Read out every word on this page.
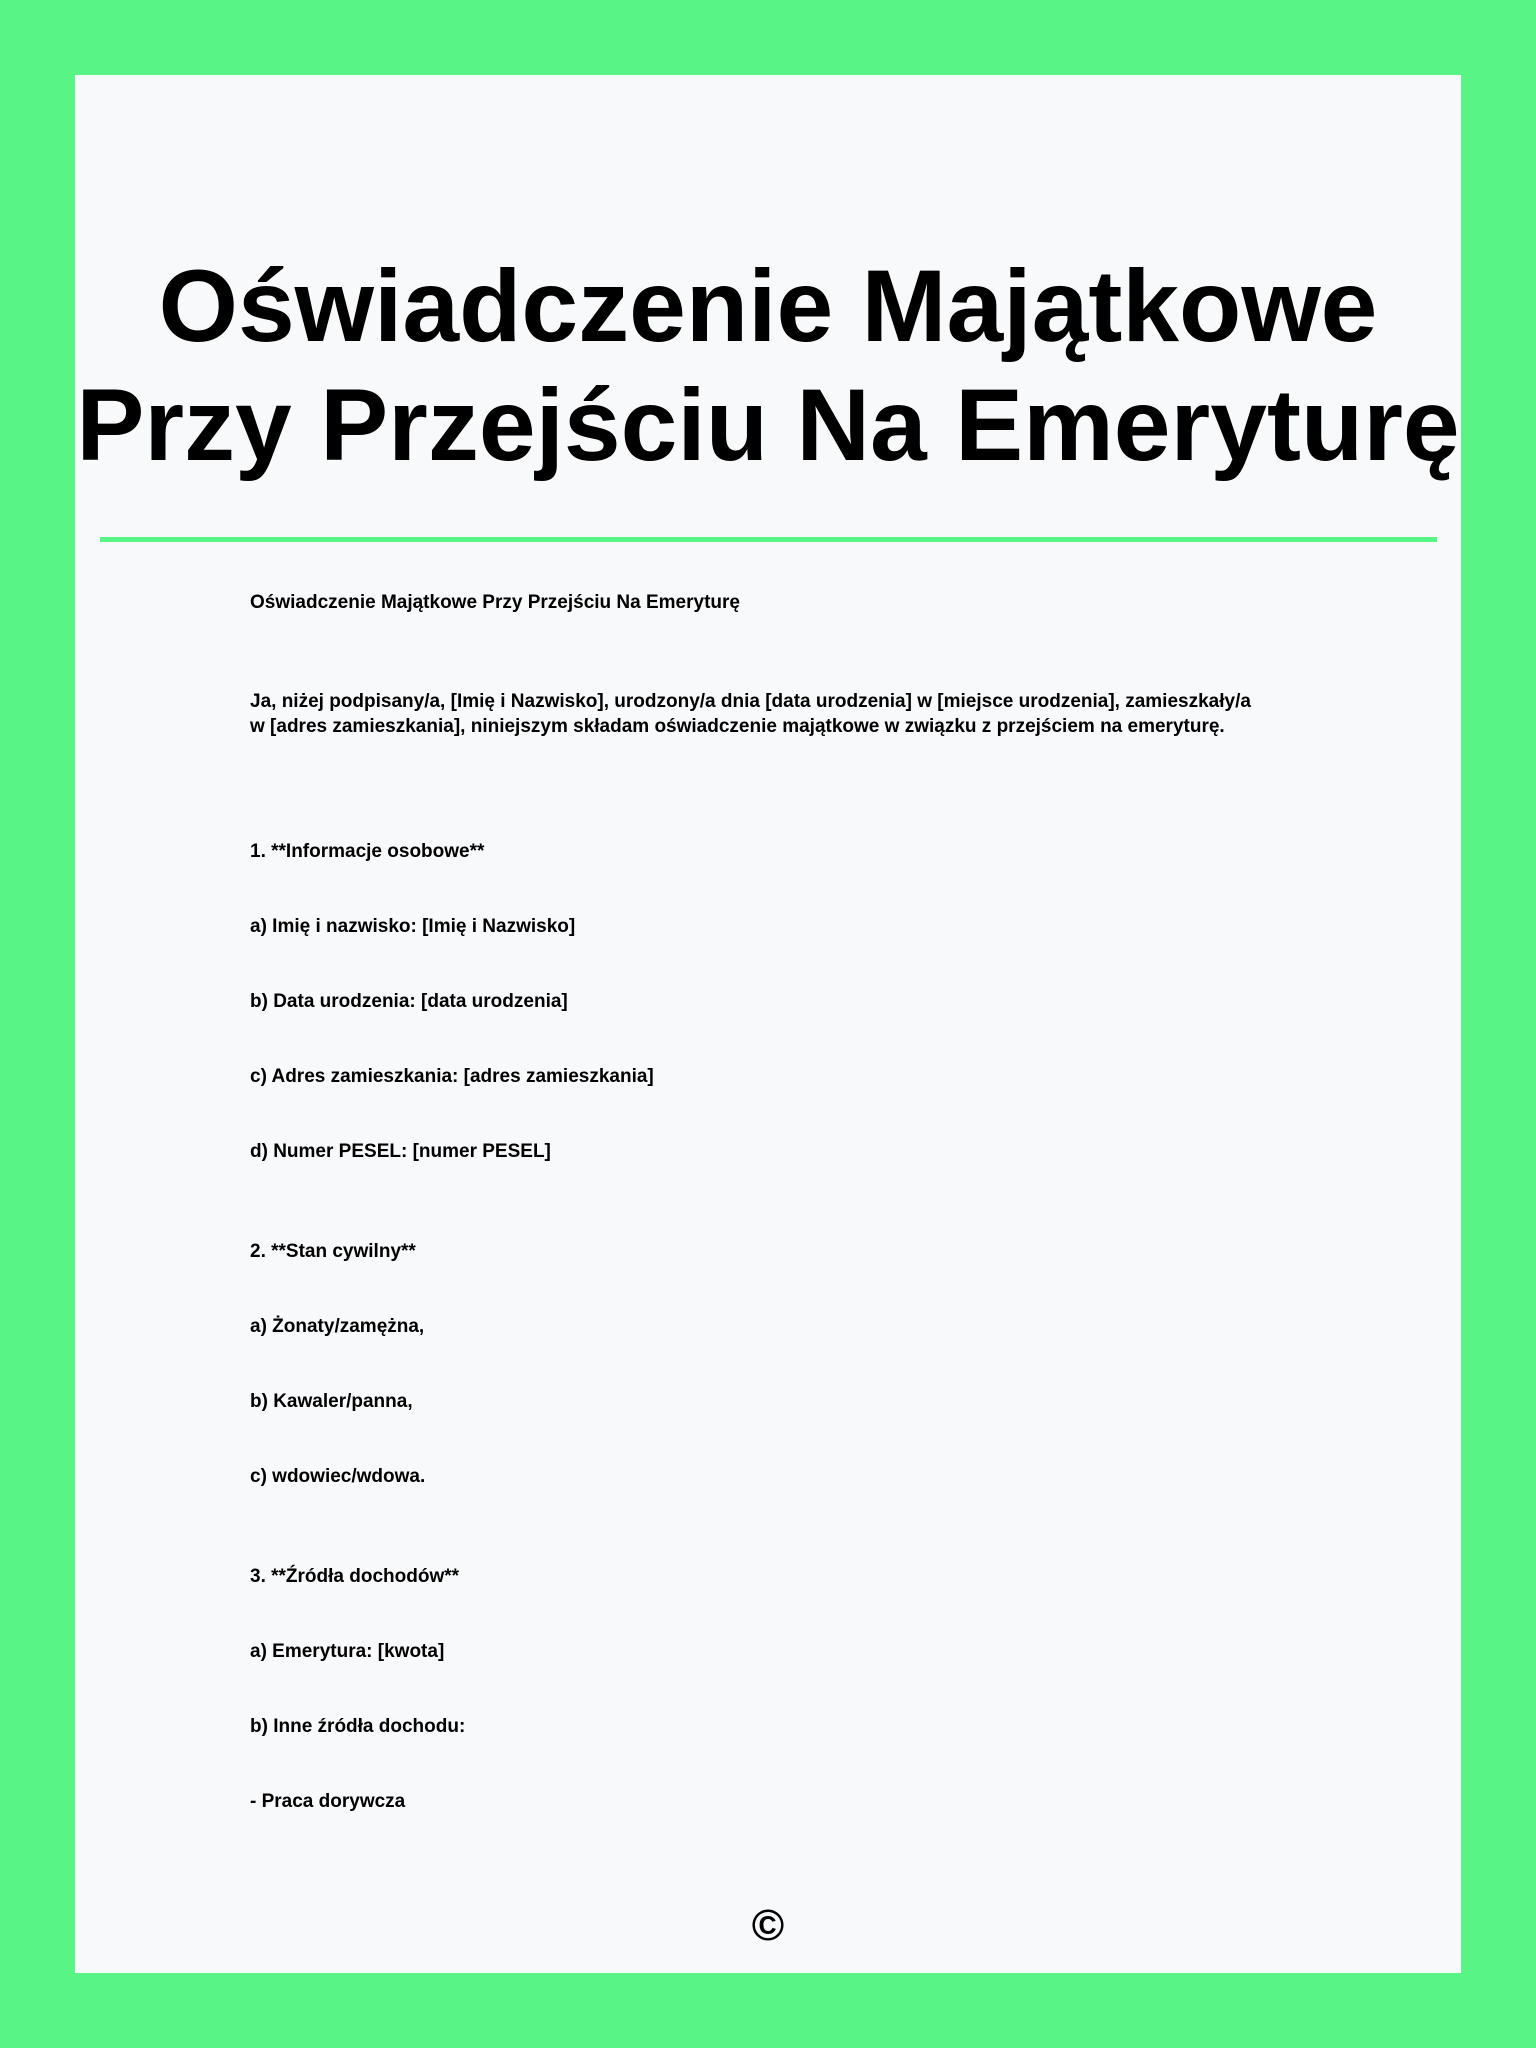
Oświadczenie Majątkowe Przy Przejściu Na Emeryturę
Oświadczenie Majątkowe Przy Przejściu Na Emeryturę
Ja, niżej podpisany/a, [Imię i Nazwisko], urodzony/a dnia [data urodzenia] w [miejsce urodzenia], zamieszkały/a w [adres zamieszkania], niniejszym składam oświadczenie majątkowe w związku z przejściem na emeryturę.
1. **Informacje osobowe**
a) Imię i nazwisko: [Imię i Nazwisko]
b) Data urodzenia: [data urodzenia]
c) Adres zamieszkania: [adres zamieszkania]
d) Numer PESEL: [numer PESEL]
2. **Stan cywilny**
a) Żonaty/zamężna,
b) Kawaler/panna,
c) wdowiec/wdowa.
3. **Źródła dochodów**
a) Emerytura: [kwota]
b) Inne źródła dochodu:
- Praca dorywcza
©
